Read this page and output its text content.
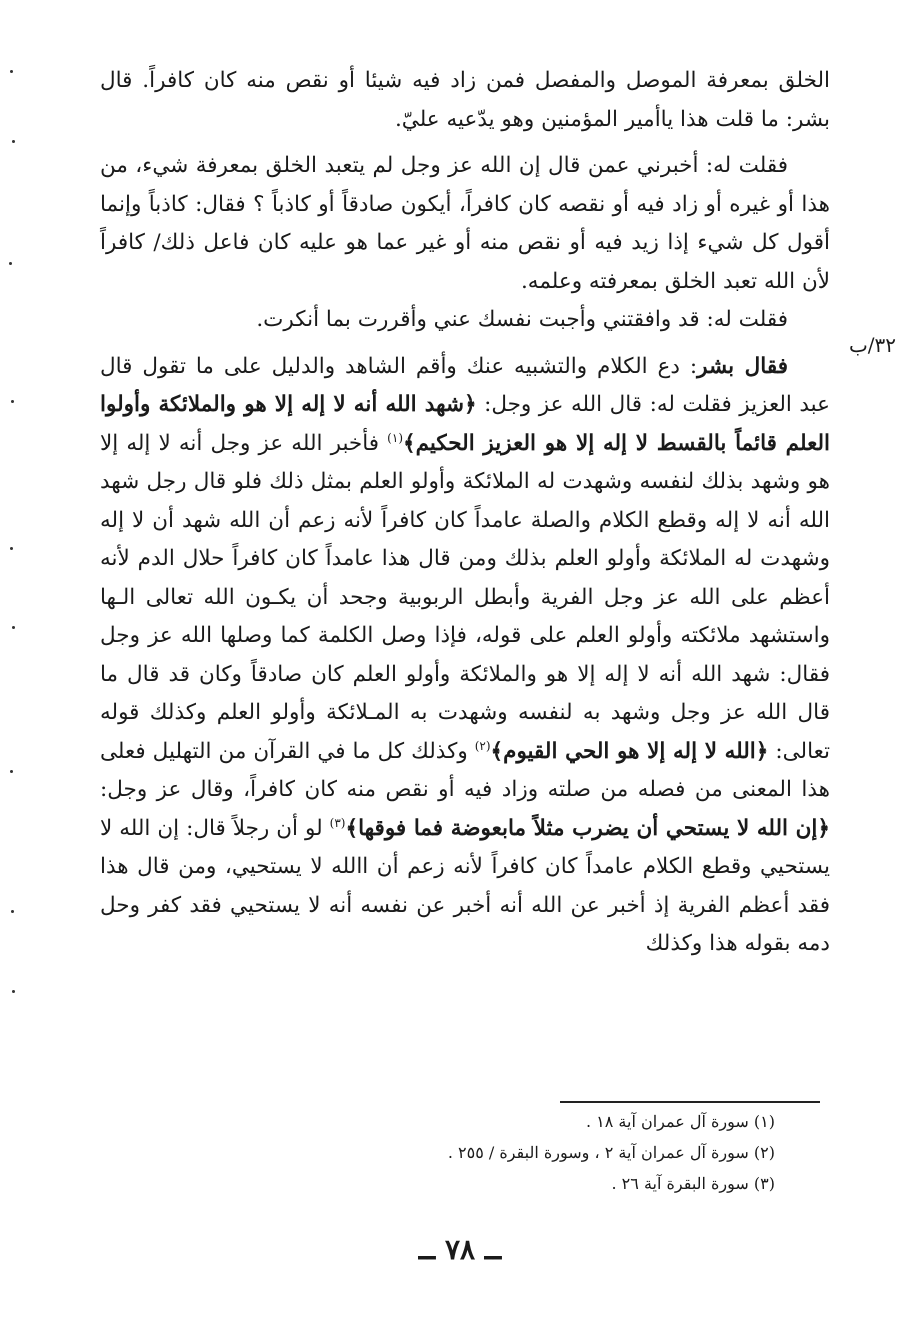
الخلق بمعرفة الموصل والمفصل فمن زاد فيه شيئا أو نقص منه كان كافراً. قال بشر: ما قلت هذا ياأمير المؤمنين وهو يدّعيه عليّ.

فقلت له: أخبرني عمن قال إن الله عز وجل لم يتعبد الخلق بمعرفة شيء، من هذا أو غيره أو زاد فيه أو نقصه كان كافراً، أيكون صادقاً أو كاذباً ؟ فقال: كاذباً وإنما أقول كل شيء إذا زيد فيه أو نقص منه أو غير عما هو عليه كان فاعل ذلك/ كافراً لأن الله تعبد الخلق بمعرفته وعلمه.

فقلت له: قد وافقتني وأجبت نفسك عني وأقررت بما أنكرت.

فقال بشر: دع الكلام والتشبيه عنك وأقم الشاهد والدليل على ما تقول قال عبد العزيز فقلت له: قال الله عز وجل: ﴿شهد الله أنه لا إله إلا هو والملائكة وأولوا العلم قائماً بالقسط لا إله إلا هو العزيز الحكيم﴾$^{(١)}$ فأخبر الله عز وجل أنه لا إله إلا هو وشهد بذلك لنفسه وشهدت له الملائكة وأولو العلم بمثل ذلك فلو قال رجل شهد الله أنه لا إله وقطع الكلام والصلة عامداً كان كافراً لأنه زعم أن الله شهد أن لا إله وشهدت له الملائكة وأولو العلم بذلك ومن قال هذا عامداً كان كافراً حلال الدم لأنه أعظم على الله عز وجل الفرية وأبطل الربوبية وجحد أن يكـون الله تعالى الـها واستشهد ملائكته وأولو العلم على قوله، فإذا وصل الكلمة كما وصلها الله عز وجل فقال: شهد الله أنه لا إله إلا هو والملائكة وأولو العلم كان صادقاً وكان قد قال ما قال الله عز وجل وشهد به لنفسه وشهدت به المـلائكة وأولو العلم وكذلك قوله تعالى: ﴿الله لا إله إلا هو الحي القيوم﴾$^{(٢)}$ وكذلك كل ما في القرآن من التهليل فعلى هذا المعنى من فصله من صلته وزاد فيه أو نقص منه كان كافراً، وقال عز وجل: ﴿إن الله لا يستحي أن يضرب مثلاً مابعوضة فما فوقها﴾$^{(٣)}$ لو أن رجلاً قال: إن الله لا يستحيي وقطع الكلام عامداً كان كافراً لأنه زعم أن االله لا يستحيي، ومن قال هذا فقد أعظم الفرية إذ أخبر عن الله أنه أخبر عن نفسه أنه لا يستحيي فقد كفر وحل دمه بقوله هذا وكذلك

٣٢/ب
(١) سورة آل عمران آية ١٨ .
(٢) سورة آل عمران آية ٢ ، وسورة البقرة / ٢٥٥ .
(٣) سورة البقرة آية ٢٦ .
ــ ٧٨ ــ
